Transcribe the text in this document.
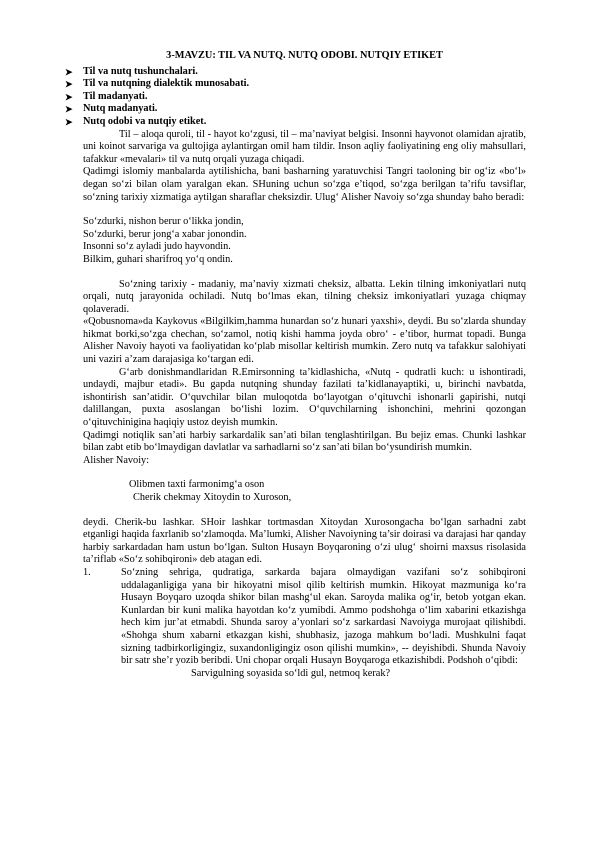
3-MAVZU: TIL VA NUTQ. NUTQ ODOBI. NUTQIY ETIKET
➤	Til va nutq tushunchalari.
➤	Til va nutqning dialektik munosabati.
➤	Til madanyati.
➤	Nutq madanyati.
➤	Nutq odobi va nutqiy etiket.

Til – aloqa quroli, til - hayot ko‘zgusi, til – ma’naviyat belgisi. Insonni hayvonot olamidan ajratib, uni koinot sarvariga va gultojiga aylantirgan omil ham tildir. Inson aqliy faoliyatining eng oliy mahsullari, tafakkur «mevalari» til va nutq orqali yuzaga chiqadi.

Qadimgi islomiy manbalarda aytilishicha, bani basharning yaratuvchisi Tangri taoloning bir og‘iz «bo‘l» degan so‘zi bilan olam yaralgan ekan. SHuning uchun so‘zga e’tiqod, so‘zga berilgan ta’rifu tavsiflar, so‘zning tarixiy xizmatiga aytilgan sharaflar cheksizdir. Ulug‘ Alisher Navoiy so‘zga shunday baho beradi:

So‘zdurki, nishon berur o‘likka jondin,

So‘zdurki, berur jong‘a xabar jonondin.

Insonni so‘z ayladi judo hayvondin.

Bilkim, guhari sharifroq yo‘q ondin.

So‘zning tarixiy - madaniy, ma’naviy xizmati cheksiz, albatta. Lekin tilning imkoniyatlari nutq orqali, nutq jarayonida ochiladi. Nutq bo‘lmas ekan, tilning cheksiz imkoniyatlari yuzaga chiqmay qolaveradi.

«Qobusnoma»da Kaykovus «Bilgilkim,hamma hunardan so‘z hunari yaxshi», deydi. Bu so‘zlarda shunday hikmat borki,so‘zga chechan, so‘zamol, notiq kishi hamma joyda obro‘ - e’tibor, hurmat topadi. Bunga Alisher Navoiy hayoti va faoliyatidan ko‘plab misollar keltirish mumkin. Zero nutq va tafakkur salohiyati uni vaziri a’zam darajasiga ko‘targan edi.

G‘arb donishmandlaridan R.Emirsonning ta’kidlashicha, «Nutq - qudratli kuch: u ishontiradi, undaydi, majbur etadi». Bu gapda nutqning shunday fazilati ta’kidlanayaptiki, u, birinchi navbatda, ishontirish san’atidir. O‘quvchilar bilan muloqotda bo‘layotgan o‘qituvchi ishonarli gapirishi, nutqi dalillangan, puxta asoslangan bo‘lishi lozim. O‘quvchilarning ishonchini, mehrini qozongan o‘qituvchinigina haqiqiy ustoz deyish mumkin.

Qadimgi notiqlik san’ati harbiy sarkardalik san’ati bilan tenglashtirilgan. Bu bejiz emas. Chunki lashkar bilan zabt etib bo‘lmaydigan davlatlar va sarhadlarni so‘z san’ati bilan bo‘ysundirish mumkin.

Alisher Navoiy:

Olibmen taxti farmonimg‘a oson

Cherik chekmay Xitoydin to Xuroson,

deydi. Cherik-bu lashkar. SHoir lashkar tortmasdan Xitoydan Xurosongacha bo‘lgan sarhadni zabt etganligi haqida faxrlanib so‘zlamoqda. Ma’lumki, Alisher Navoiyning ta’sir doirasi va darajasi har qanday harbiy sarkardadan ham ustun bo‘lgan. Sulton Husayn Boyqaroning o‘zi ulug‘ shoirni maxsus risolasida ta’riflab «So‘z sohibqironi» deb atagan edi.

1.	So‘zning sehriga, qudratiga, sarkarda bajara olmaydigan vazifani so‘z sohibqironi uddalaganligiga yana bir hikoyatni misol qilib keltirish mumkin. Hikoyat mazmuniga ko‘ra Husayn Boyqaro uzoqda shikor bilan mashg‘ul ekan. Saroyda malika og‘ir, betob yotgan ekan. Kunlardan bir kuni malika hayotdan ko‘z yumibdi. Ammo podshohga o‘lim xabarini etkazishga hech kim jur’at etmabdi. Shunda saroy a’yonlari so‘z sarkardasi Navoiyga murojaat qilishibdi. «Shohga shum xabarni etkazgan kishi, shubhasiz, jazoga mahkum bo‘ladi. Mushkulni faqat sizning tadbirkorligingiz, suxandonligingiz oson qilishi mumkin», -- deyishibdi. Shunda Navoiy bir satr she’r yozib beribdi. Uni chopar orqali Husayn Boyqaroga etkazishibdi. Podshoh o‘qibdi:

Sarvigulning soyasida so‘ldi gul, netmoq kerak?
